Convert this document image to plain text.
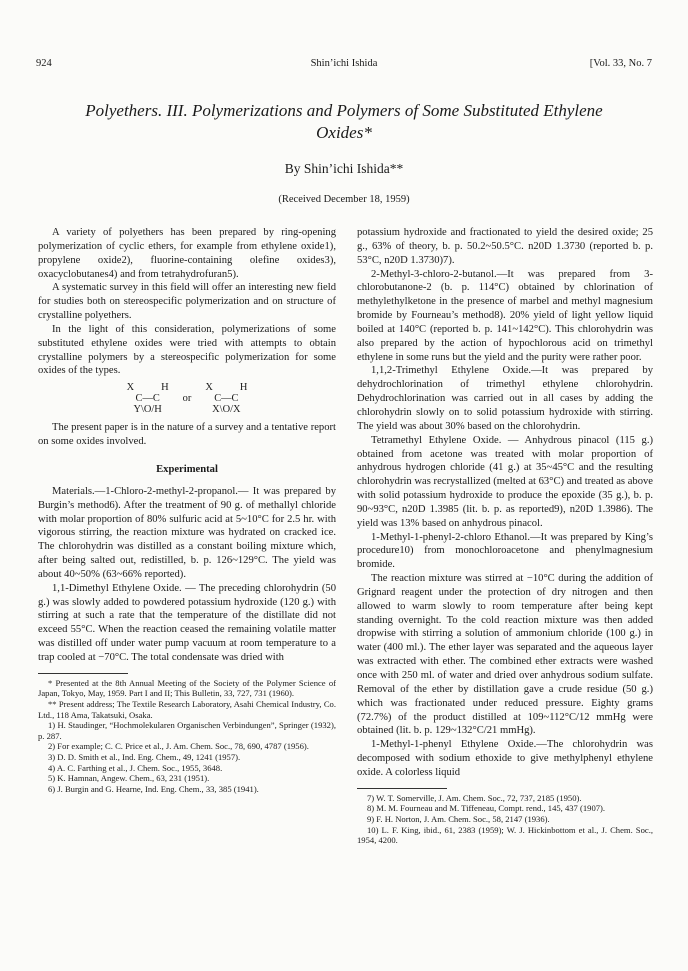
924	Shin’ichi Ishida	[Vol. 33, No. 7
Polyethers. III. Polymerizations and Polymers of Some Substituted Ethylene Oxides*
By Shin’ichi Ishida**
(Received December 18, 1959)

A variety of polyethers has been prepared by ring-opening polymerization of cyclic ethers, for example from ethylene oxide1), propylene oxide2), fluorine-containing olefine oxides3), oxacyclobutanes4) and from tetrahydrofuran5).

A systematic survey in this field will offer an interesting new field for studies both on stereospecific polymerization and on structure of crystalline polyethers.

In the light of this consideration, polymerizations of some substituted ethylene oxides were tried with attempts to obtain crystalline polymers by a stereospecific polymerization for some oxides of the types.

X	H
C—C
Y\O/H
or
X	H
C—C
X\O/X

The present paper is in the nature of a survey and a tentative report on some oxides involved.

Experimental

Materials.—1-Chloro-2-methyl-2-propanol.— It was prepared by Burgin’s method6). After the treatment of 90 g. of methallyl chloride with molar proportion of 80% sulfuric acid at 5~10°C for 2.5 hr. with vigorous stirring, the reaction mixture was hydrated on cracked ice. The chlorohydrin was distilled as a constant boiling mixture which, after being salted out, redistilled, b. p. 126~129°C. The yield was about 40~50% (63~66% reported).

1,1-Dimethyl Ethylene Oxide. — The preceding chlorohydrin (50 g.) was slowly added to powdered potassium hydroxide (120 g.) with stirring at such a rate that the temperature of the distillate did not exceed 55°C. When the reaction ceased the remaining volatile matter was distilled off under water pump vacuum at room temperature to a trap cooled at −70°C. The total condensate was dried with

* Presented at the 8th Annual Meeting of the Society of the Polymer Science of Japan, Tokyo, May, 1959. Part I and II; This Bulletin, 33, 727, 731 (1960).
** Present address; The Textile Research Laboratory, Asahi Chemical Industry, Co. Ltd., 118 Ama, Takatsuki, Osaka.
1) H. Staudinger, “Hochmolekularen Organischen Verbindungen”, Springer (1932), p. 287.
2) For example; C. C. Price et al., J. Am. Chem. Soc., 78, 690, 4787 (1956).
3) D. D. Smith et al., Ind. Eng. Chem., 49, 1241 (1957).
4) A. C. Farthing et al., J. Chem. Soc., 1955, 3648.
5) K. Hamnan, Angew. Chem., 63, 231 (1951).
6) J. Burgin and G. Hearne, Ind. Eng. Chem., 33, 385 (1941).

potassium hydroxide and fractionated to yield the desired oxide; 25 g., 63% of theory, b. p. 50.2~50.5°C. n20D 1.3730 (reported b. p. 53°C, n20D 1.3730)7).

2-Methyl-3-chloro-2-butanol.—It was prepared from 3-chlorobutanone-2 (b. p. 114°C) obtained by chlorination of methylethylketone in the presence of marbel and methyl magnesium bromide by Fourneau’s method8). 20% yield of light yellow liquid boiled at 140°C (reported b. p. 141~142°C). This chlorohydrin was also prepared by the action of hypochlorous acid on trimethyl ethylene in some runs but the yield and the purity were rather poor.

1,1,2-Trimethyl Ethylene Oxide.—It was prepared by dehydrochlorination of trimethyl ethylene chlorohydrin. Dehydrochlorination was carried out in all cases by adding the chlorohydrin slowly on to solid potassium hydroxide with stirring. The yield was about 30% based on the chlorohydrin.

Tetramethyl Ethylene Oxide. — Anhydrous pinacol (115 g.) obtained from acetone was treated with molar proportion of anhydrous hydrogen chloride (41 g.) at 35~45°C and the resulting chlorohydrin was recrystallized (melted at 63°C) and treated as above with solid potassium hydroxide to produce the epoxide (35 g.), b. p. 90~93°C, n20D 1.3985 (lit. b. p. as reported9), n20D 1.3986). The yield was 13% based on anhydrous pinacol.

1-Methyl-1-phenyl-2-chloro Ethanol.—It was prepared by King’s procedure10) from monochloroacetone and phenylmagnesium bromide.

The reaction mixture was stirred at −10°C during the addition of Grignard reagent under the protection of dry nitrogen and then allowed to warm slowly to room temperature after being kept standing overnight. To the cold reaction mixture was then added dropwise with stirring a solution of ammonium chloride (100 g.) in water (400 ml.). The ether layer was separated and the aqueous layer was extracted with ether. The combined ether extracts were washed once with 250 ml. of water and dried over anhydrous sodium sulfate. Removal of the ether by distillation gave a crude residue (50 g.) which was fractionated under reduced pressure. Eighty grams (72.7%) of the product distilled at 109~112°C/12 mmHg were obtained (lit. b. p. 129~132°C/21 mmHg).

1-Methyl-1-phenyl Ethylene Oxide.—The chlorohydrin was decomposed with sodium ethoxide to give methylphenyl ethylene oxide. A colorless liquid

7) W. T. Somerville, J. Am. Chem. Soc., 72, 737, 2185 (1950).
8) M. M. Fourneau and M. Tiffeneau, Compt. rend., 145, 437 (1907).
9) F. H. Norton, J. Am. Chem. Soc., 58, 2147 (1936).
10) L. F. King, ibid., 61, 2383 (1959); W. J. Hickinbottom et al., J. Chem. Soc., 1954, 4200.
